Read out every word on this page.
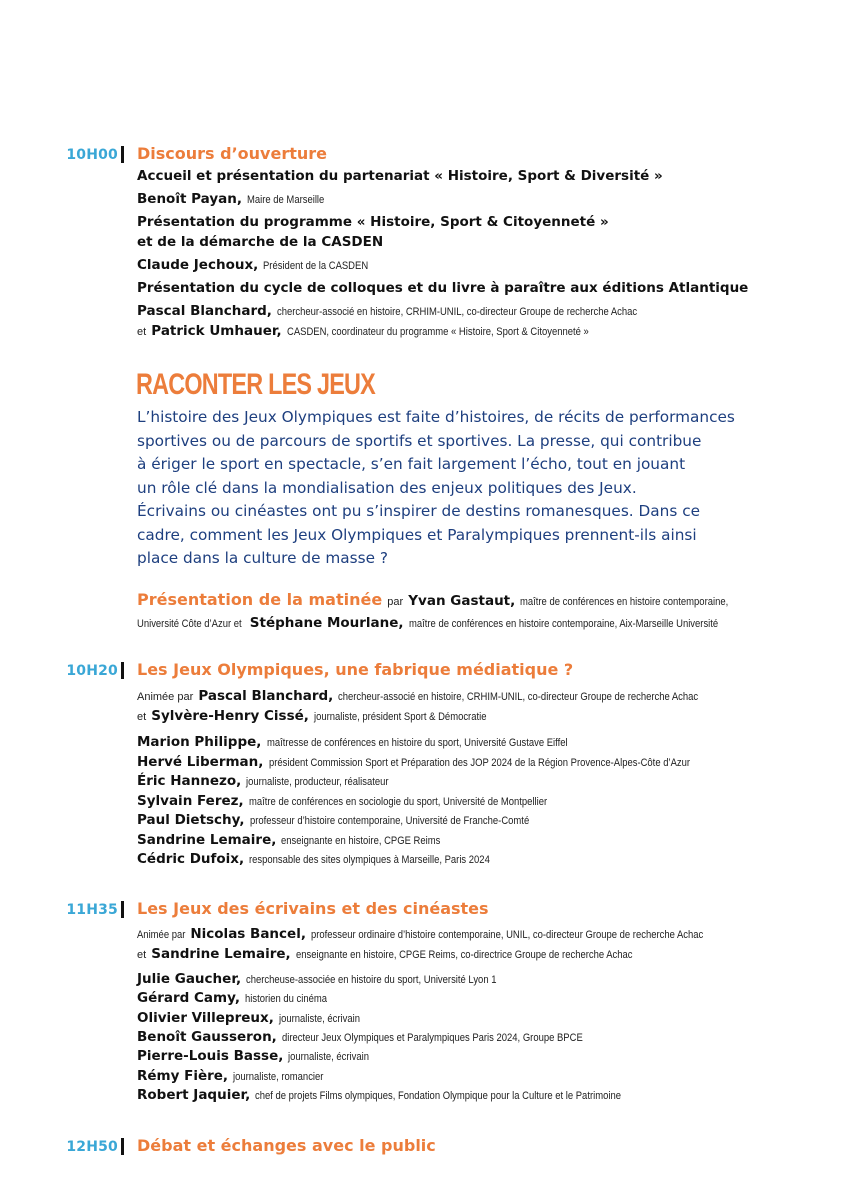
10H00 Discours d’ouverture
Accueil et présentation du partenariat « Histoire, Sport & Diversité »
Benoît Payan, Maire de Marseille
Présentation du programme « Histoire, Sport & Citoyenneté »
et de la démarche de la CASDEN
Claude Jechoux, Président de la CASDEN
Présentation du cycle de colloques et du livre à paraître aux éditions Atlantique
Pascal Blanchard, chercheur-associé en histoire, CRHIM-UNIL, co-directeur Groupe de recherche Achac
et Patrick Umhauer, CASDEN, coordinateur du programme « Histoire, Sport & Citoyenneté »
RACONTER LES JEUX
L’histoire des Jeux Olympiques est faite d’histoires, de récits de performances
sportives ou de parcours de sportifs et sportives. La presse, qui contribue
à ériger le sport en spectacle, s’en fait largement l’écho, tout en jouant
un rôle clé dans la mondialisation des enjeux politiques des Jeux.
Écrivains ou cinéastes ont pu s’inspirer de destins romanesques. Dans ce
cadre, comment les Jeux Olympiques et Paralympiques prennent-ils ainsi
place dans la culture de masse ?
Présentation de la matinée par Yvan Gastaut, maître de conférences en histoire contemporaine,
Université Côte d’Azur et Stéphane Mourlane, maître de conférences en histoire contemporaine, Aix-Marseille Université
10H20 Les Jeux Olympiques, une fabrique médiatique ?
Animée par Pascal Blanchard, chercheur-associé en histoire, CRHIM-UNIL, co-directeur Groupe de recherche Achac
et Sylvère-Henry Cissé, journaliste, président Sport & Démocratie
Marion Philippe, maîtresse de conférences en histoire du sport, Université Gustave Eiffel
Hervé Liberman, président Commission Sport et Préparation des JOP 2024 de la Région Provence-Alpes-Côte d’Azur
Éric Hannezo, journaliste, producteur, réalisateur
Sylvain Ferez, maître de conférences en sociologie du sport, Université de Montpellier
Paul Dietschy, professeur d’histoire contemporaine, Université de Franche-Comté
Sandrine Lemaire, enseignante en histoire, CPGE Reims
Cédric Dufoix, responsable des sites olympiques à Marseille, Paris 2024
11H35 Les Jeux des écrivains et des cinéastes
Animée par Nicolas Bancel, professeur ordinaire d’histoire contemporaine, UNIL, co-directeur Groupe de recherche Achac
et Sandrine Lemaire, enseignante en histoire, CPGE Reims, co-directrice Groupe de recherche Achac
Julie Gaucher, chercheuse-associée en histoire du sport, Université Lyon 1
Gérard Camy, historien du cinéma
Olivier Villepreux, journaliste, écrivain
Benoît Gausseron, directeur Jeux Olympiques et Paralympiques Paris 2024, Groupe BPCE
Pierre-Louis Basse, journaliste, écrivain
Rémy Fière, journaliste, romancier
Robert Jaquier, chef de projets Films olympiques, Fondation Olympique pour la Culture et le Patrimoine
12H50 Débat et échanges avec le public
